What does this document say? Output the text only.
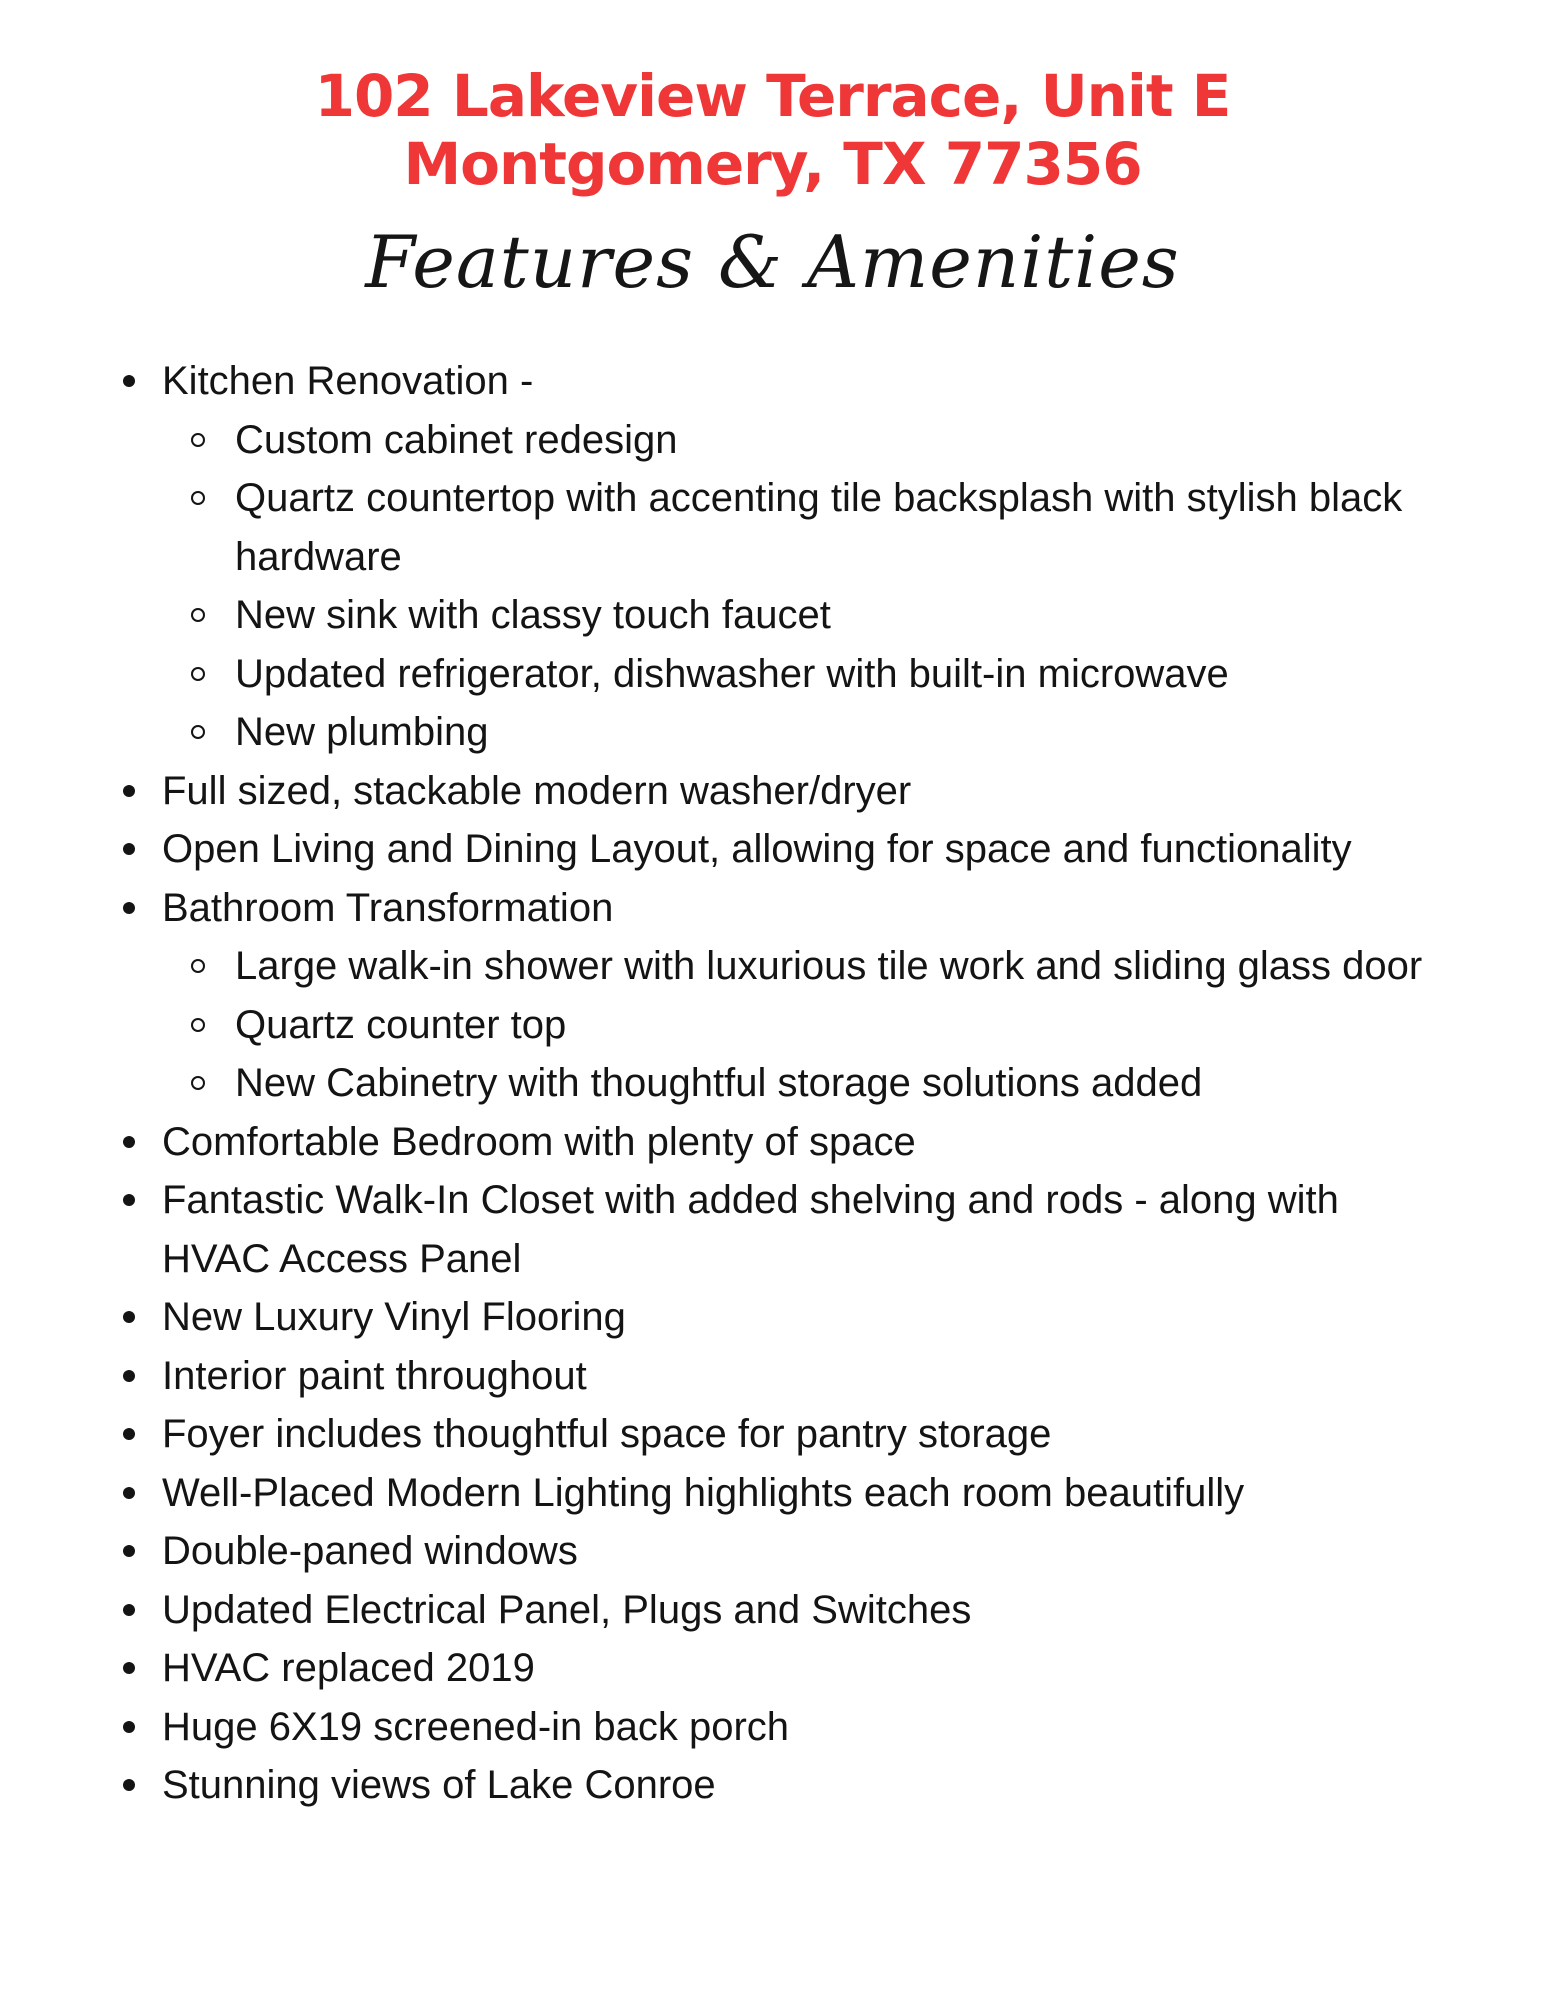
102 Lakeview Terrace, Unit E
Montgomery, TX 77356
Features & Amenities
Kitchen Renovation -
Custom cabinet redesign
Quartz countertop with accenting tile backsplash with stylish black hardware
New sink with classy touch faucet
Updated refrigerator, dishwasher with built-in microwave
New plumbing
Full sized, stackable modern washer/dryer
Open Living and Dining Layout, allowing for space and functionality
Bathroom Transformation
Large walk-in shower with luxurious tile work and sliding glass door
Quartz counter top
New Cabinetry with thoughtful storage solutions added
Comfortable Bedroom with plenty of space
Fantastic Walk-In Closet with added shelving and rods - along with HVAC Access Panel
New Luxury Vinyl Flooring
Interior paint throughout
Foyer includes thoughtful space for pantry storage
Well-Placed Modern Lighting highlights each room beautifully
Double-paned windows
Updated Electrical Panel, Plugs and Switches
HVAC replaced 2019
Huge 6X19 screened-in back porch
Stunning views of Lake Conroe
